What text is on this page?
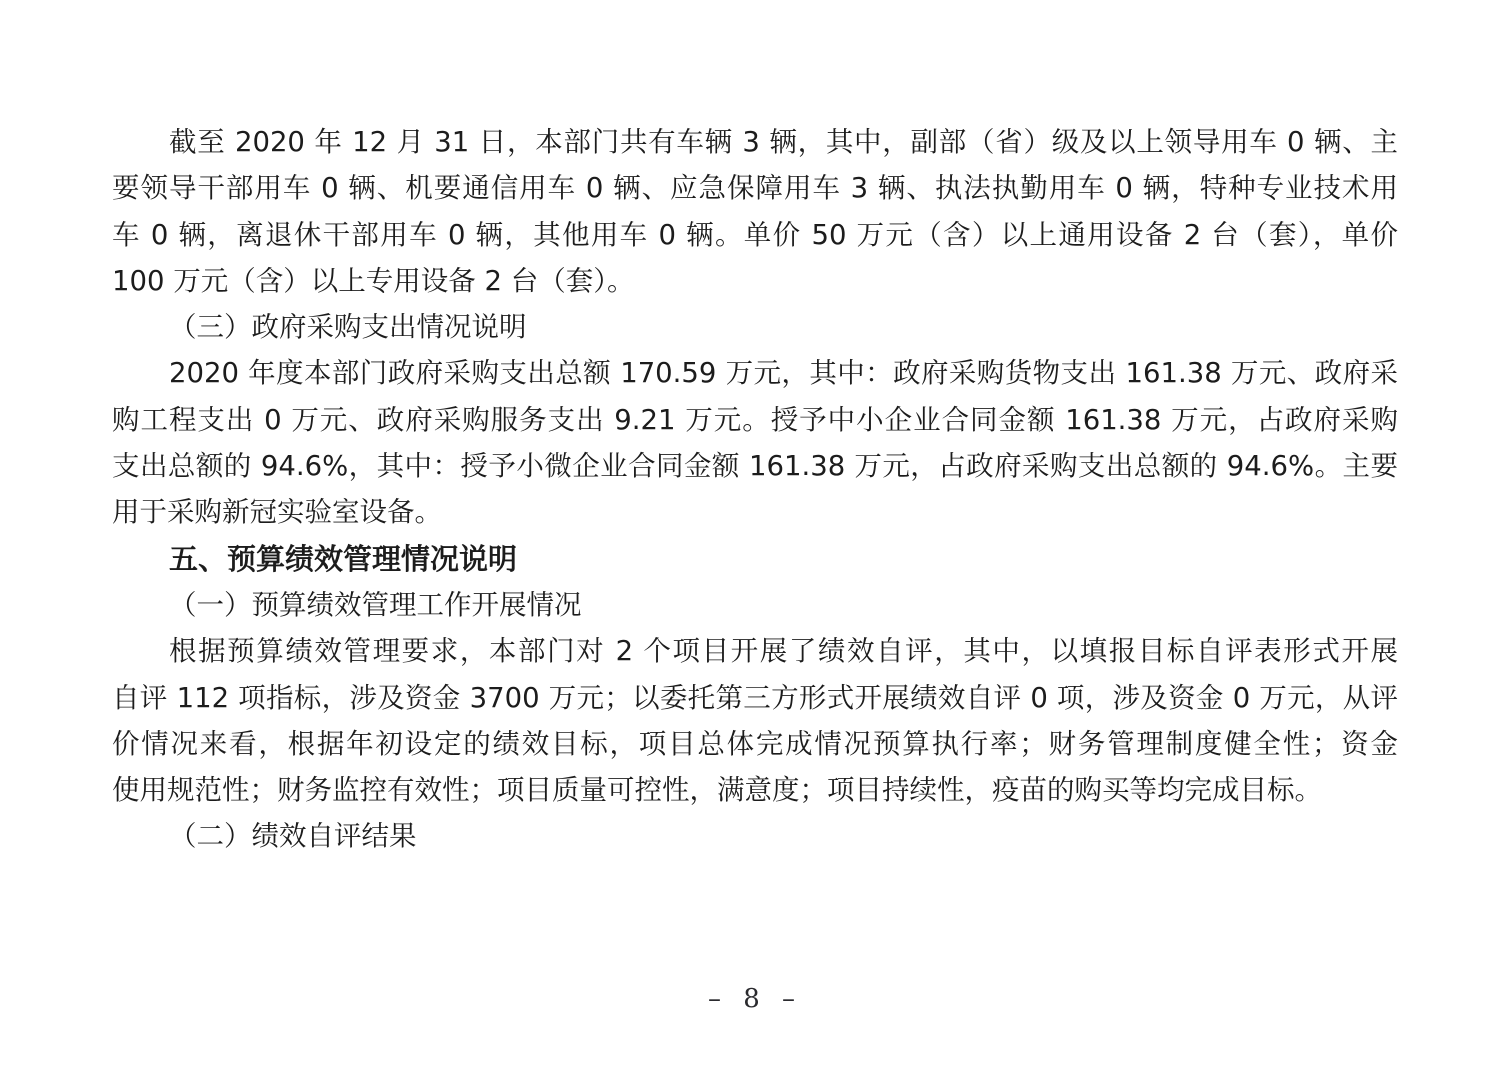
截至 2020 年 12 月 31 日，本部门共有车辆 3 辆，其中，副部（省）级及以上领导用车 0 辆、主
要领导干部用车 0 辆、机要通信用车 0 辆、应急保障用车 3 辆、执法执勤用车 0 辆，特种专业技术用
车 0 辆，离退休干部用车 0 辆，其他用车 0 辆。单价 50 万元（含）以上通用设备 2 台（套），单价
100 万元（含）以上专用设备 2 台（套）。
（三）政府采购支出情况说明
2020 年度本部门政府采购支出总额 170.59 万元，其中：政府采购货物支出 161.38 万元、政府采
购工程支出 0 万元、政府采购服务支出 9.21 万元。授予中小企业合同金额 161.38 万元，占政府采购
支出总额的 94.6%，其中：授予小微企业合同金额 161.38 万元，占政府采购支出总额的 94.6%。主要
用于采购新冠实验室设备。
五、预算绩效管理情况说明
（一）预算绩效管理工作开展情况
根据预算绩效管理要求，本部门对 2 个项目开展了绩效自评，其中，以填报目标自评表形式开展
自评 112 项指标，涉及资金 3700 万元；以委托第三方形式开展绩效自评 0 项，涉及资金 0 万元，从评
价情况来看，根据年初设定的绩效目标，项目总体完成情况预算执行率；财务管理制度健全性；资金
使用规范性；财务监控有效性；项目质量可控性，满意度；项目持续性，疫苗的购买等均完成目标。
（二）绩效自评结果
– 8 –
